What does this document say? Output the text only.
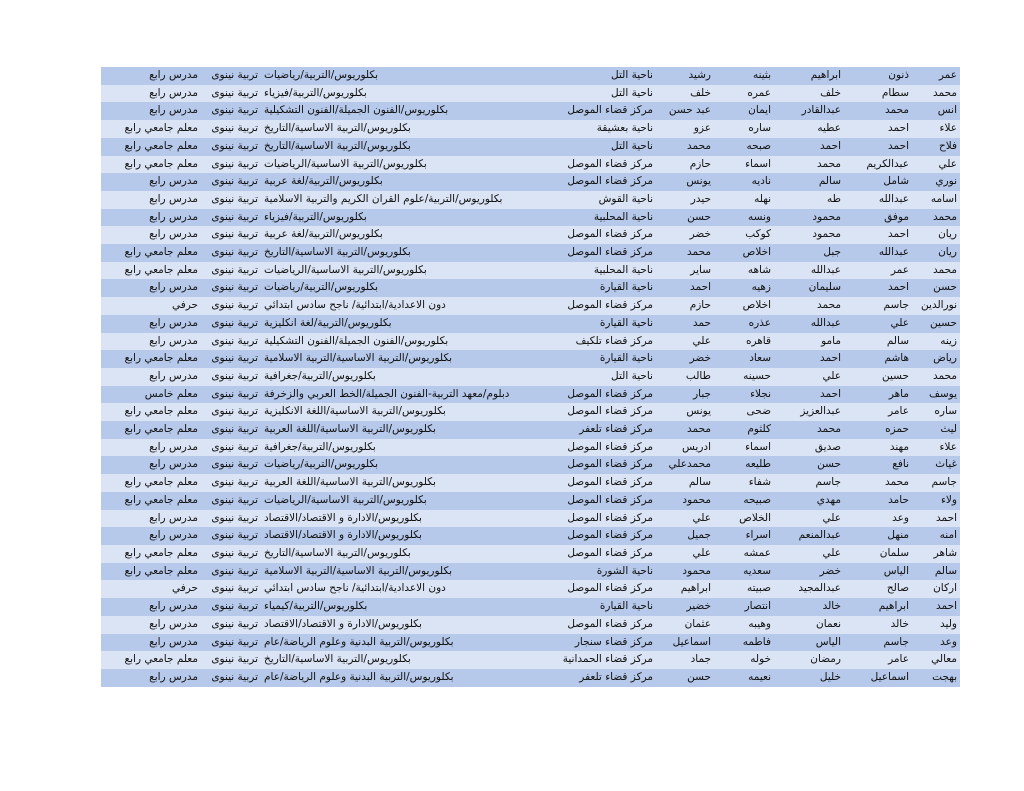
عمر	ذنون	ابراهيم	بثينه	رشيد	ناحية التل	بكلوريوس/التربية/رياضيات	تربية نينوى	مدرس رابع
محمد	سطام	خلف	عمره	خلف	ناحية التل	بكلوريوس/التربية/فيزياء	تربية نينوى	مدرس رابع
انس	محمد	عبدالقادر	ايمان	عبد حسن	مركز قضاء الموصل	بكلوريوس/الفنون الجميلة/الفنون التشكيلية	تربية نينوى	مدرس رابع
علاء	احمد	عطيه	ساره	عزو	ناحية بعشيقة	بكلوريوس/التربية الاساسية/التاريخ	تربية نينوى	معلم جامعي رابع
فلاح	احمد	احمد	صبحه	محمد	ناحية التل	بكلوريوس/التربية الاساسية/التاريخ	تربية نينوى	معلم جامعي رابع
علي	عبدالكريم	محمد	اسماء	حازم	مركز قضاء الموصل	بكلوريوس/التربية الاساسية/الرياضيات	تربية نينوى	معلم جامعي رابع
نوري	شامل	سالم	ناديه	يونس	مركز قضاء الموصل	بكلوريوس/التربية/لغة عربية	تربية نينوى	مدرس رابع
اسامه	عبدالله	طه	نهله	حيدر	ناحية القوش	بكلوريوس/التربية/علوم القران الكريم والتربية الاسلامية	تربية نينوى	مدرس رابع
محمد	موفق	محمود	ونسه	حسن	ناحية المحلبية	بكلوريوس/التربية/فيزياء	تربية نينوى	مدرس رابع
ريان	احمد	محمود	كوكب	خضر	مركز قضاء الموصل	بكلوريوس/التربية/لغة عربية	تربية نينوى	مدرس رابع
ريان	عبدالله	جبل	اخلاص	محمد	مركز قضاء الموصل	بكلوريوس/التربية الاساسية/التاريخ	تربية نينوى	معلم جامعي رابع
محمد	عمر	عبدالله	شاهه	ساير	ناحية المحلبية	بكلوريوس/التربية الاساسية/الرياضيات	تربية نينوى	معلم جامعي رابع
حسن	احمد	سليمان	زهيه	احمد	ناحية القيارة	بكلوريوس/التربية/رياضيات	تربية نينوى	مدرس رابع
نورالدين	جاسم	محمد	اخلاص	حازم	مركز قضاء الموصل	دون الاعدادية/ابتدائية/ ناجح سادس ابتدائي	تربية نينوى	حرفي
حسين	علي	عبدالله	عذره	حمد	ناحية القيارة	بكلوريوس/التربية/لغة انكليزية	تربية نينوى	مدرس رابع
زينه	سالم	مامو	قاهره	علي	مركز قضاء تلكيف	بكلوريوس/الفنون الجميلة/الفنون التشكيلية	تربية نينوى	مدرس رابع
رياض	هاشم	احمد	سعاد	خضر	ناحية القيارة	بكلوريوس/التربية الاساسية/التربية الاسلامية	تربية نينوى	معلم جامعي رابع
محمد	حسين	علي	حسينه	طالب	ناحية التل	بكلوريوس/التربية/جغرافية	تربية نينوى	مدرس رابع
يوسف	ماهر	احمد	نجلاء	جبار	مركز قضاء الموصل	دبلوم/معهد التربية-الفنون الجميلة/الخط العربي والزخرفة	تربية نينوى	معلم خامس
ساره	عامر	عبدالعزيز	ضحى	يونس	مركز قضاء الموصل	بكلوريوس/التربية الاساسية/اللغة الانكليزية	تربية نينوى	معلم جامعي رابع
ليث	حمزه	محمد	كلثوم	محمد	مركز قضاء تلعفر	بكلوريوس/التربية الاساسية/اللغة العربية	تربية نينوى	معلم جامعي رابع
علاء	مهند	صديق	اسماء	ادريس	مركز قضاء الموصل	بكلوريوس/التربية/جغرافية	تربية نينوى	مدرس رابع
غياث	نافع	حسن	طليعه	محمدعلي	مركز قضاء الموصل	بكلوريوس/التربية/رياضيات	تربية نينوى	مدرس رابع
جاسم	محمد	جاسم	شفاء	سالم	مركز قضاء الموصل	بكلوريوس/التربية الاساسية/اللغة العربية	تربية نينوى	معلم جامعي رابع
ولاء	حامد	مهدي	صبيحه	محمود	مركز قضاء الموصل	بكلوريوس/التربية الاساسية/الرياضيات	تربية نينوى	معلم جامعي رابع
احمد	وعد	علي	الخلاص	علي	مركز قضاء الموصل	بكلوريوس/الادارة و الاقتصاد/الاقتصاد	تربية نينوى	مدرس رابع
امنه	منهل	عبدالمنعم	اسراء	جميل	مركز قضاء الموصل	بكلوريوس/الادارة و الاقتصاد/الاقتصاد	تربية نينوى	مدرس رابع
شاهر	سلمان	علي	عمشه	علي	مركز قضاء الموصل	بكلوريوس/التربية الاساسية/التاريخ	تربية نينوى	معلم جامعي رابع
سالم	الياس	خضر	سعديه	محمود	ناحية الشورة	بكلوريوس/التربية الاساسية/التربية الاسلامية	تربية نينوى	معلم جامعي رابع
اركان	صالح	عبدالمجيد	صبيته	ابراهيم	مركز قضاء الموصل	دون الاعدادية/ابتدائية/ ناجح سادس ابتدائي	تربية نينوى	حرفي
احمد	ابراهيم	خالد	انتصار	خضير	ناحية القيارة	بكلوريوس/التربية/كيمياء	تربية نينوى	مدرس رابع
وليد	خالد	نعمان	وهيبه	عثمان	مركز قضاء الموصل	بكلوريوس/الادارة و الاقتصاد/الاقتصاد	تربية نينوى	مدرس رابع
وعد	جاسم	الياس	فاطمه	اسماعيل	مركز قضاء سنجار	بكلوريوس/التربية البدنية وعلوم الرياضة/عام	تربية نينوى	مدرس رابع
معالي	عامر	رمضان	خوله	جماد	مركز قضاء الحمدانية	بكلوريوس/التربية الاساسية/التاريخ	تربية نينوى	معلم جامعي رابع
بهجت	اسماعيل	خليل	نعيمه	حسن	مركز قضاء تلعفر	بكلوريوس/التربية البدنية وعلوم الرياضة/عام	تربية نينوى	مدرس رابع
